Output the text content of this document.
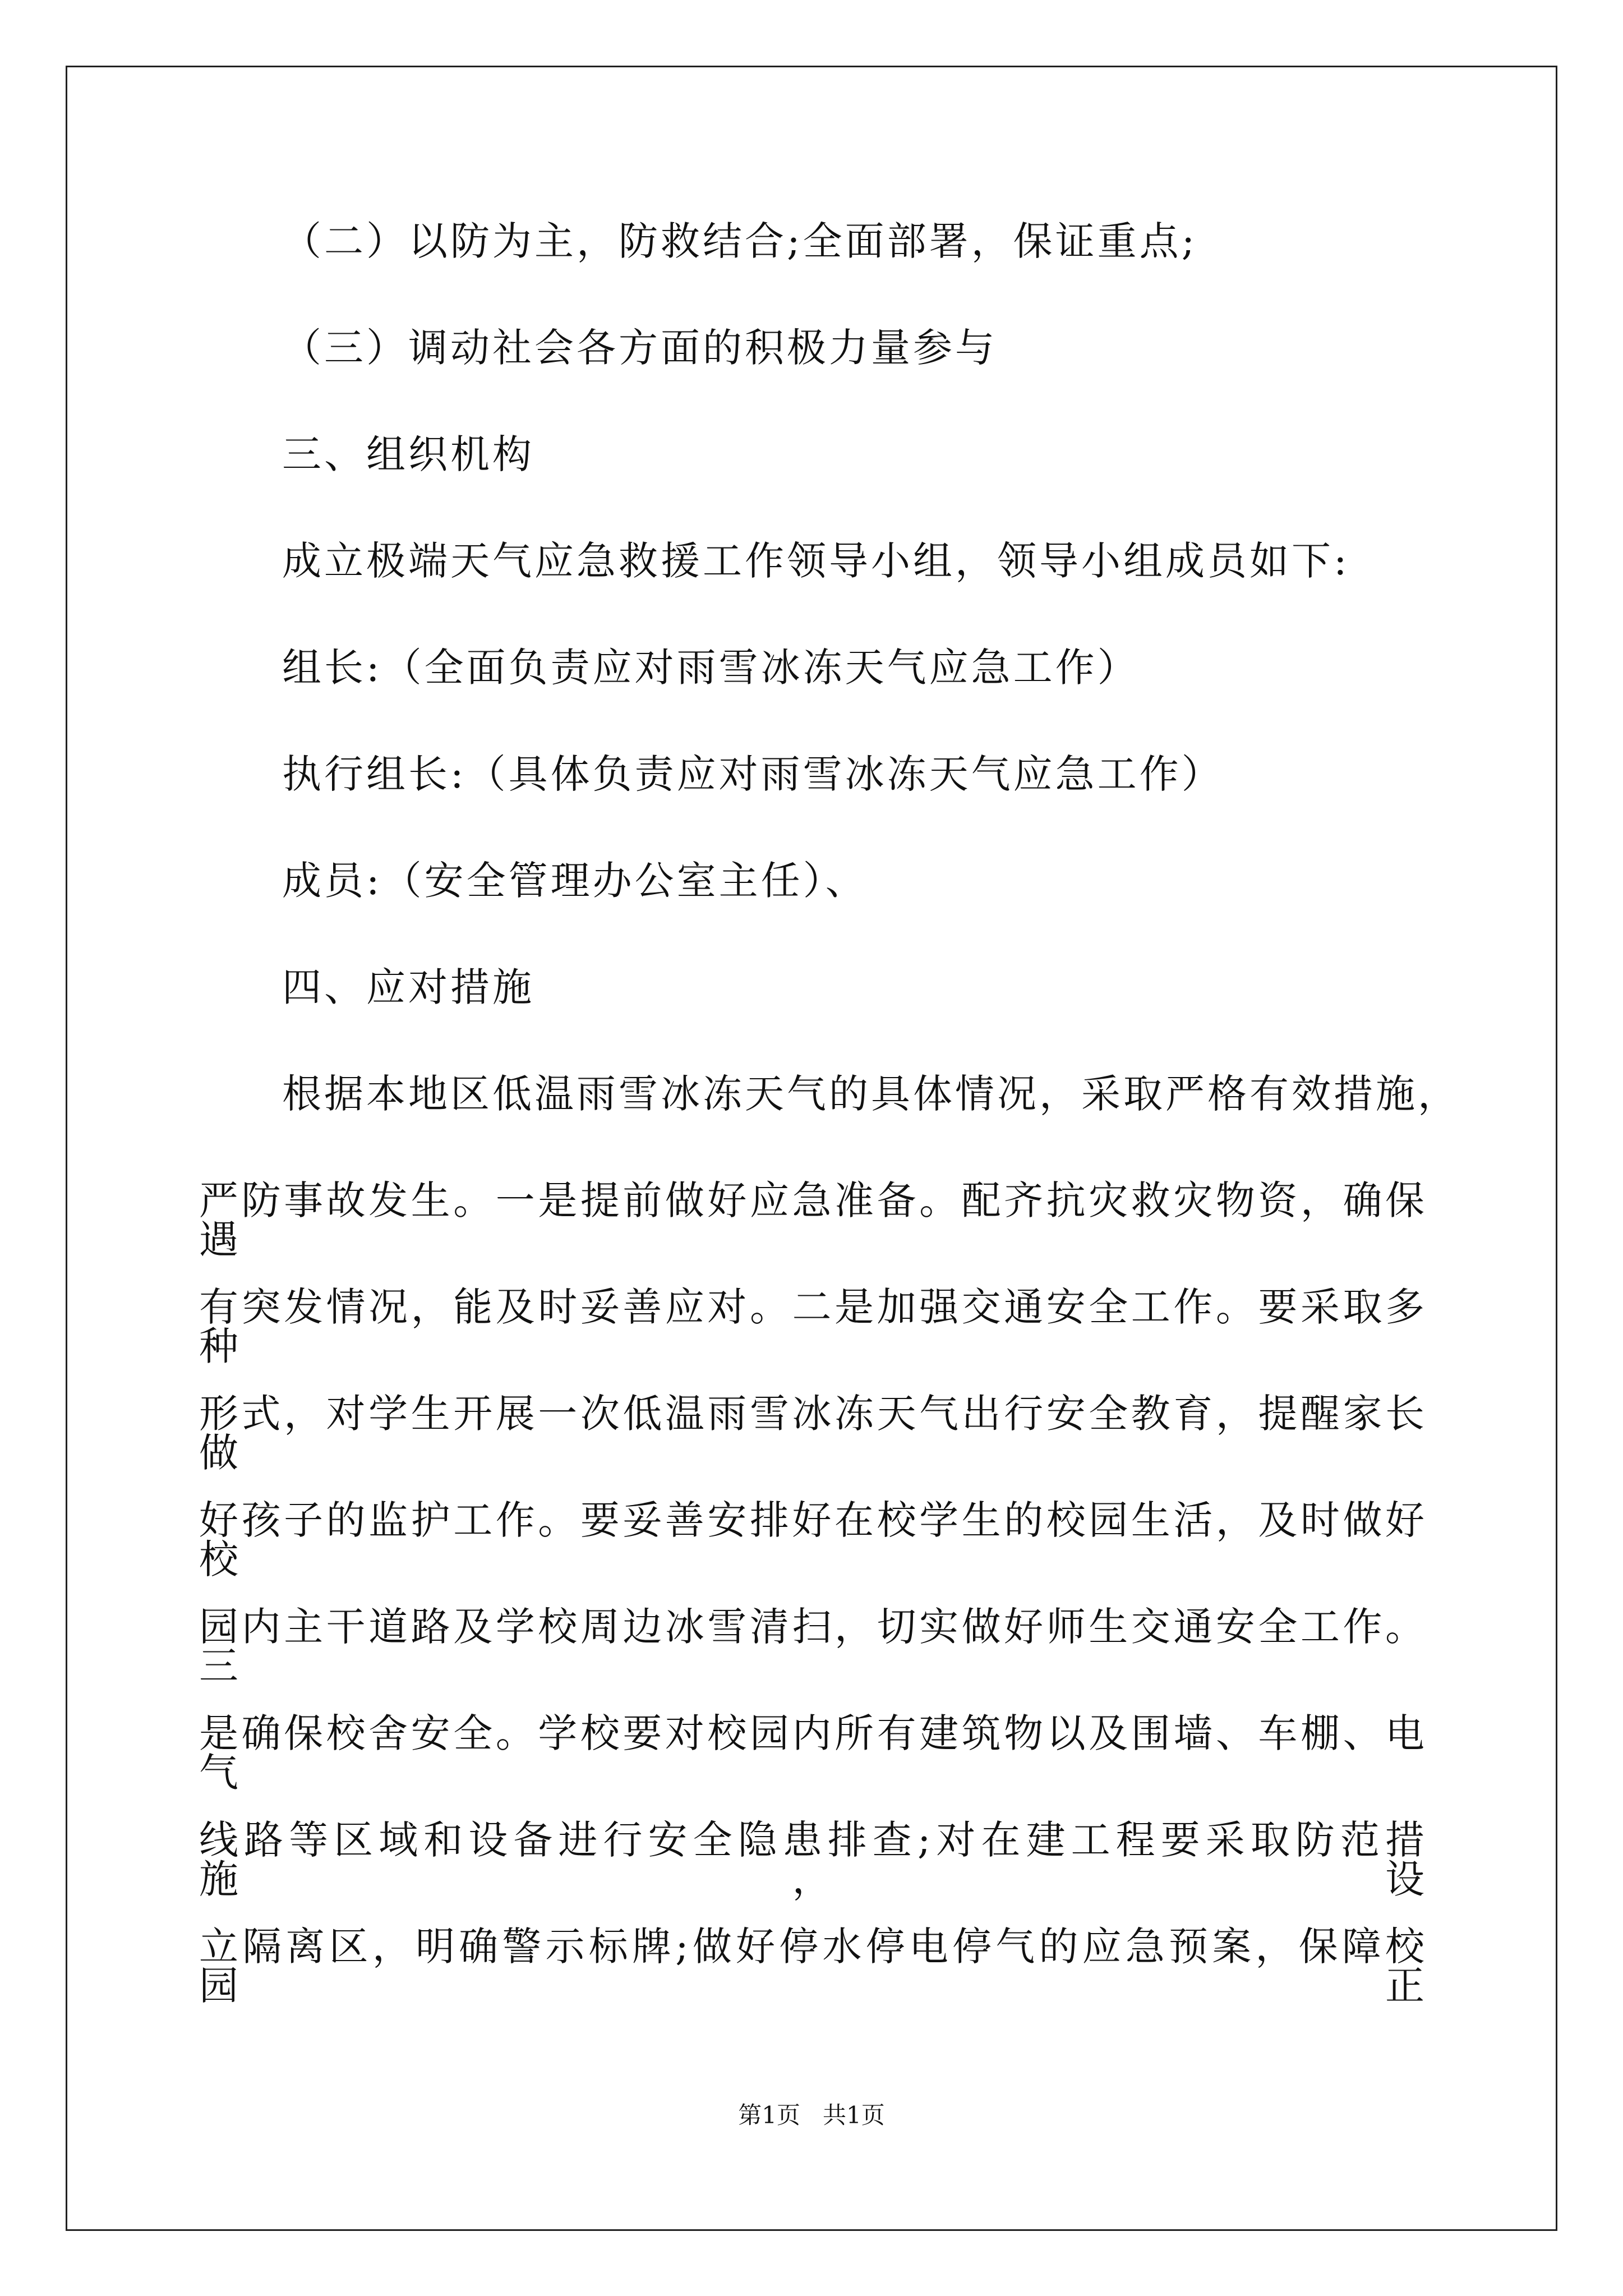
（二）以防为主，防救结合;全面部署，保证重点;

（三）调动社会各方面的积极力量参与

三、组织机构

成立极端天气应急救援工作领导小组，领导小组成员如下:

组长:（全面负责应对雨雪冰冻天气应急工作）

执行组长:（具体负责应对雨雪冰冻天气应急工作）

成员:（安全管理办公室主任）、

四、应对措施

根据本地区低温雨雪冰冻天气的具体情况，采取严格有效措施，

严防事故发生。一是提前做好应急准备。配齐抗灾救灾物资，确保遇

有突发情况，能及时妥善应对。二是加强交通安全工作。要采取多种

形式，对学生开展一次低温雨雪冰冻天气出行安全教育，提醒家长做

好孩子的监护工作。要妥善安排好在校学生的校园生活，及时做好校

园内主干道路及学校周边冰雪清扫，切实做好师生交通安全工作。三

是确保校舍安全。学校要对校园内所有建筑物以及围墙、车棚、电气

线路等区域和设备进行安全隐患排查;对在建工程要采取防范措施，设

立隔离区，明确警示标牌;做好停水停电停气的应急预案，保障校园正

第1页   共1页
